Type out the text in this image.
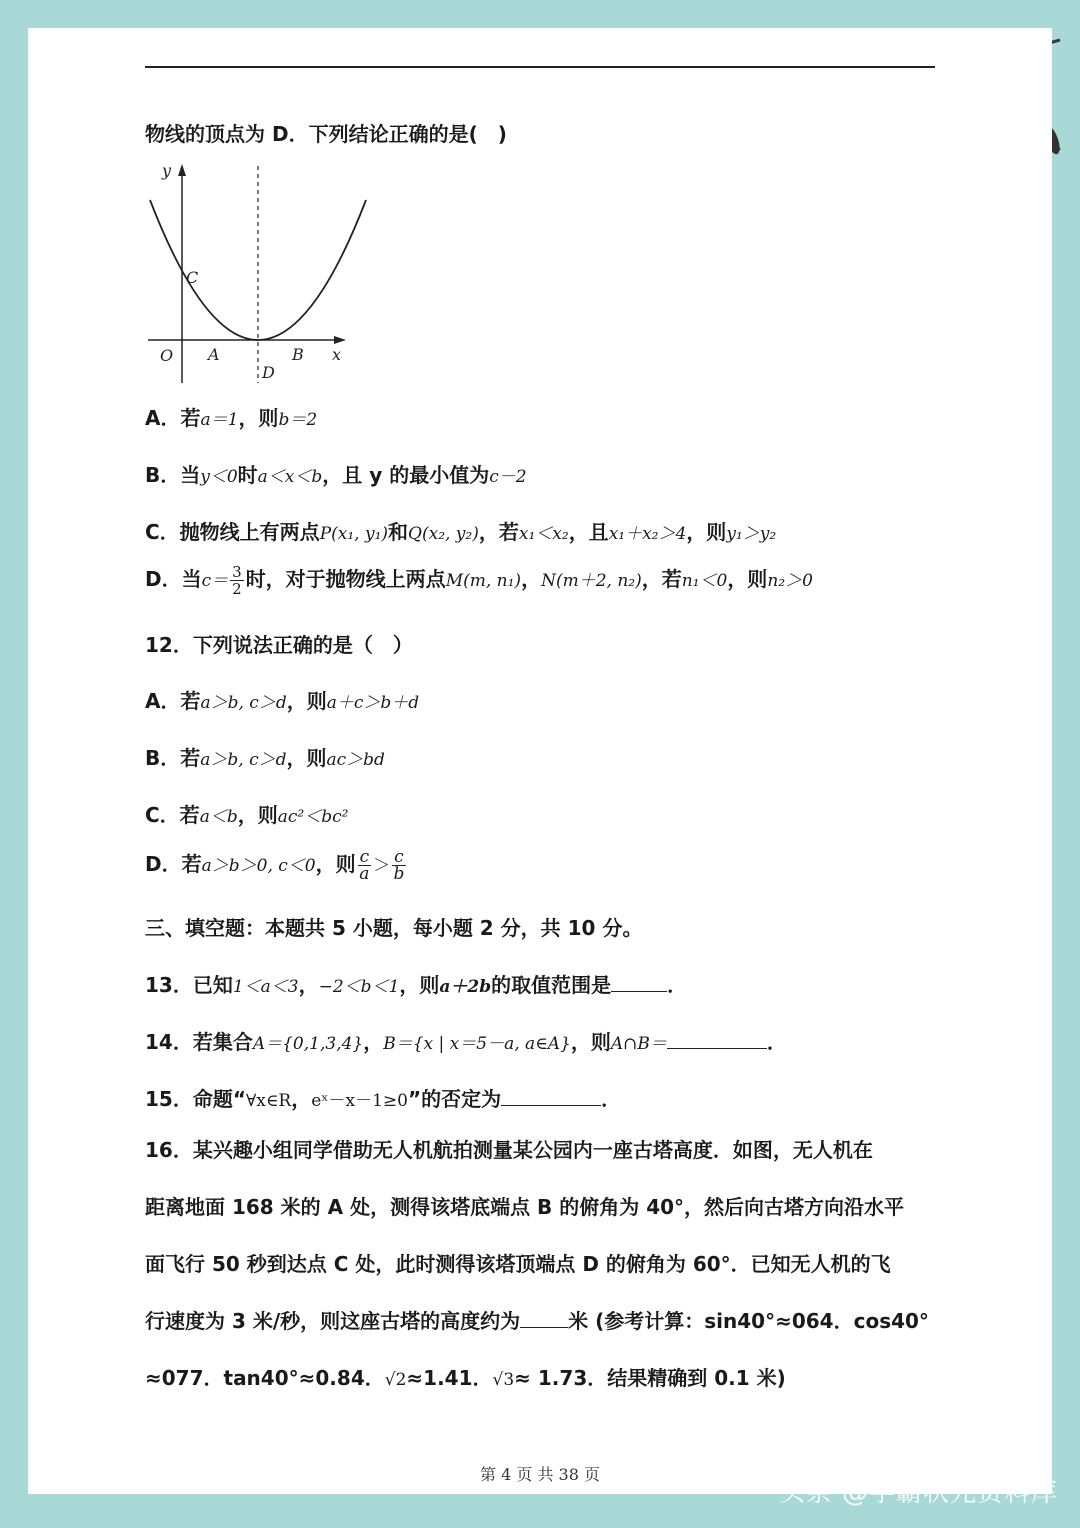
物线的顶点为 D．下列结论正确的是(　)
y
x
O
C
A	B
D
A．若a＝1，则b＝2
B．当y＜0时a＜x＜b，且 y 的最小值为c－2
C．抛物线上有两点P(x₁, y₁)和Q(x₂, y₂)，若x₁＜x₂，且x₁＋x₂＞4，则y₁＞y₂
D．当$c= \frac{3}{2}$ 时，对于抛物线上两点M(m, n₁)，N(m＋2, n₂)，若n₁＜0，则n₂＞0
12．下列说法正确的是（　）
A．若a＞b, c＞d，则a＋c＞b＋d
B．若a＞b, c＞d，则ac＞bd
C．若a＜b，则ac²＜bc²
D．若a＞b＞0, c＜0，则 $\frac{c}{a} > \frac{c}{b}$
三、填空题：本题共 5 小题，每小题 2 分，共 10 分。
13．已知1＜a＜3，−2＜b＜1，则a＋2b的取值范围是	．
14．若集合A＝{0,1,3,4}，B＝{x | x＝5－a, a∈A}，则A∩B＝	．
15．命题“∀x∈R，eˣ－x－1≥0”的否定为	．
16．某兴趣小组同学借助无人机航拍测量某公园内一座古塔高度．如图，无人机在
距离地面 168 米的 A 处，测得该塔底端点 B 的俯角为 40°，然后向古塔方向沿水平
面飞行 50 秒到达点 C 处，此时测得该塔顶端点 D 的俯角为 60°．已知无人机的飞
行速度为 3 米/秒，则这座古塔的高度约为 米 (参考计算：sin40°≈064．cos40°
≈077．tan40°≈0.84．√2≈1.41．√3≈ 1.73．结果精确到 0.1 米)
第 4 页 共 38 页
头条 @学霸状元资料库
